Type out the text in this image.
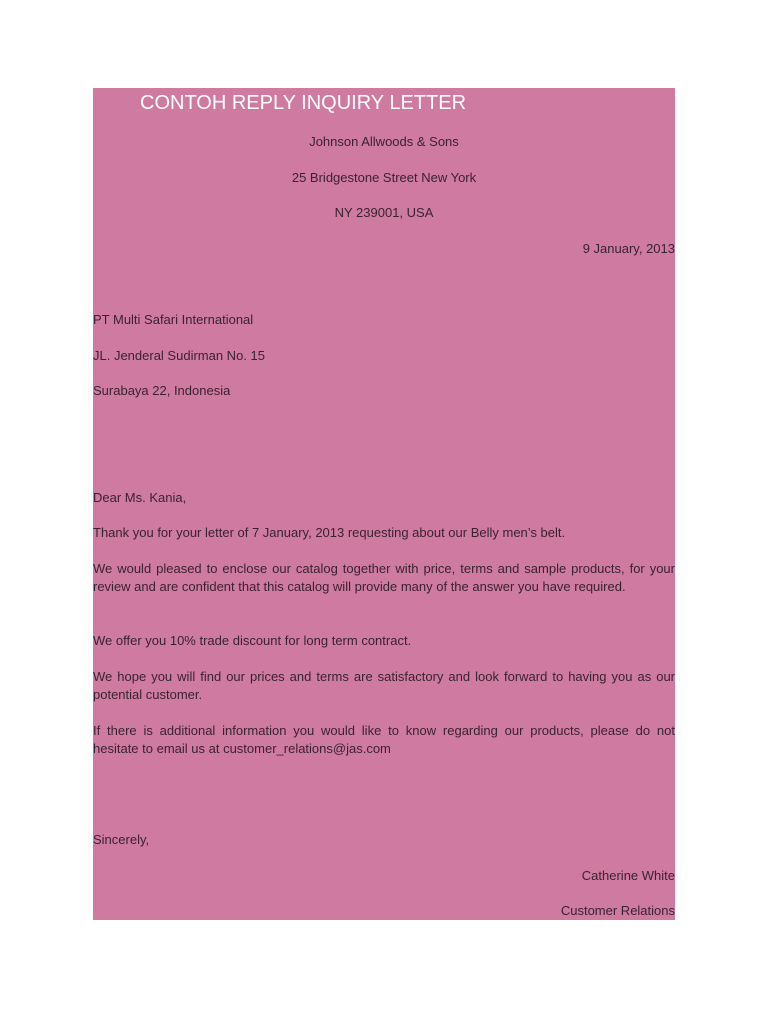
CONTOH REPLY INQUIRY LETTER
Johnson Allwoods & Sons
25 Bridgestone Street New York
NY 239001, USA
9 January, 2013
PT Multi Safari International
JL. Jenderal Sudirman No. 15
Surabaya 22, Indonesia
Dear Ms. Kania,
Thank you for your letter of 7 January, 2013 requesting about our Belly men’s belt.
We would pleased to enclose our catalog together with price, terms and sample products, for your review and are confident that this catalog will provide many of the answer you have required.
We offer you 10% trade discount for long term contract.
We hope you will find our prices and terms are satisfactory and look forward to having you as our potential customer.
If there is additional information you would like to know regarding our products, please do not hesitate to email us at customer_relations@jas.com
Sincerely,
Catherine White
Customer Relations
